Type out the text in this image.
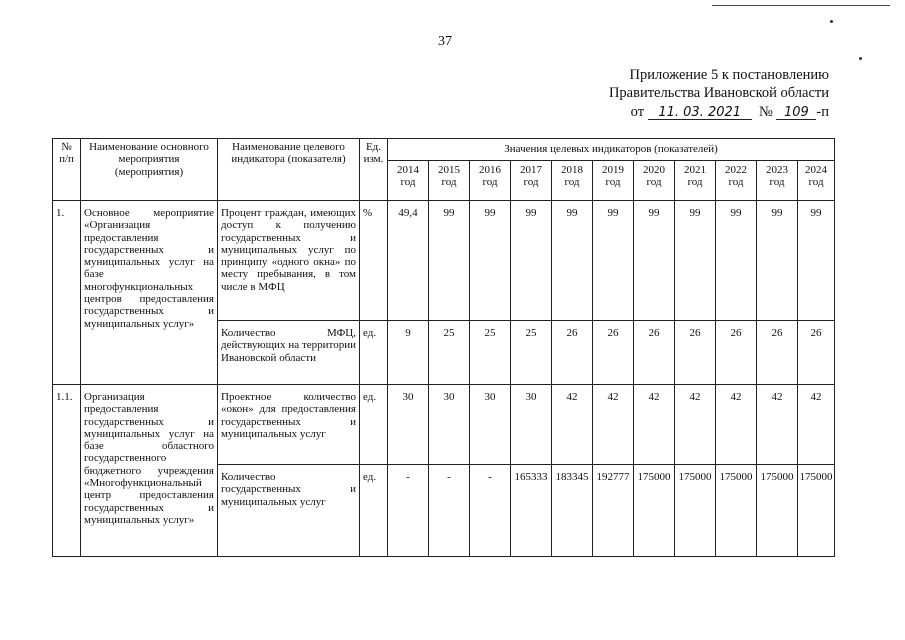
37
Приложение 5 к постановлению
Правительства Ивановской области
от 11. 03. 2021 № 109 -п
№ п/п	Наименование основного мероприятия (мероприятия)	Наименование целевого индикатора (показателя)	Ед. изм.	Значения целевых индикаторов (показателей)										
				2014 год	2015 год	2016 год	2017 год	2018 год	2019 год	2020 год	2021 год	2022 год	2023 год	2024 год
1.	Основное мероприятие «Организация предоставления государственных и муниципальных услуг на базе многофункциональных центров предоставления государственных и муниципальных услуг»	Процент граждан, имеющих доступ к получению государственных и муниципальных услуг по принципу «одного окна» по месту пребывания, в том числе в МФЦ	%	49,4	99	99	99	99	99	99	99	99	99	99
		Количество МФЦ, действующих на территории Ивановской области	ед.	9	25	25	25	26	26	26	26	26	26	26
1.1.	Организация предоставления государственных и муниципальных услуг на базе областного государственного бюджетного учреждения «Многофункциональный центр предоставления государственных и муниципальных услуг»	Проектное количество «окон» для предоставления государственных и муниципальных услуг	ед.	30	30	30	30	42	42	42	42	42	42	42
		Количество государственных и муниципальных услуг	ед.	-	-	-	165333	183345	192777	175000	175000	175000	175000	175000
